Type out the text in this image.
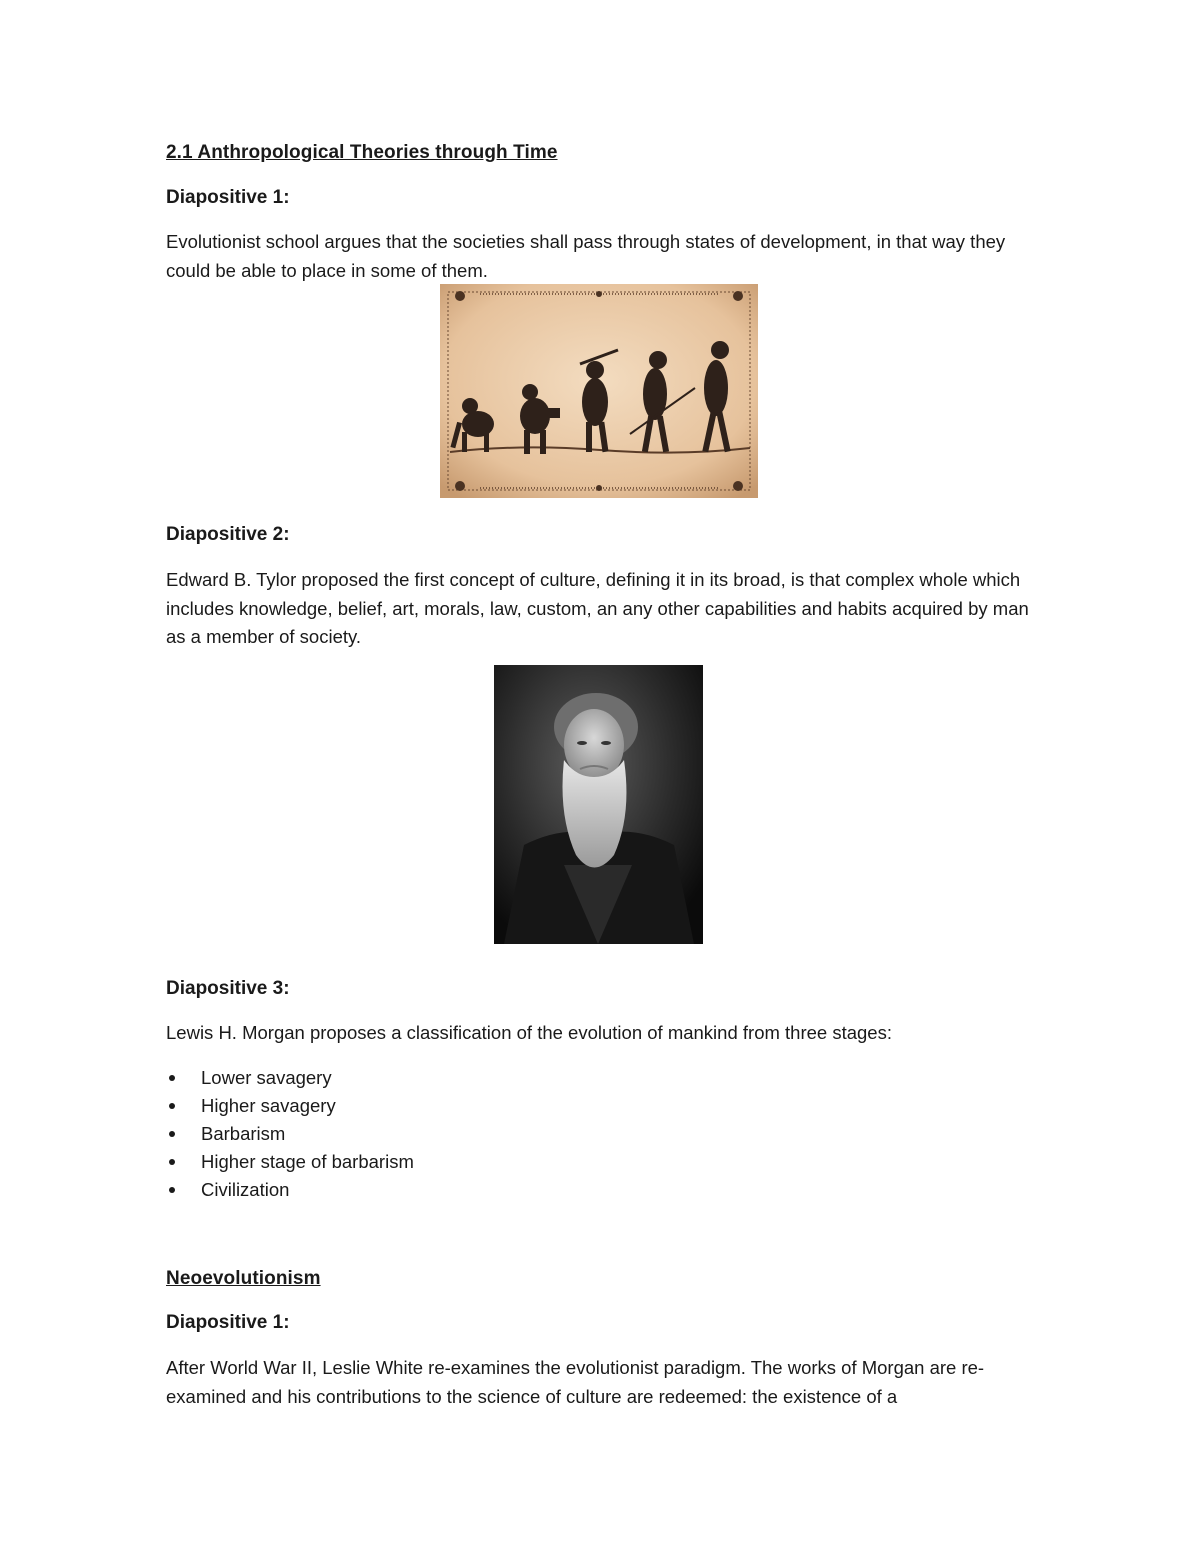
2.1 Anthropological Theories through Time
Diapositive 1:
Evolutionist school argues that the societies shall pass through states of development, in that way they could be able to place in some of them.
Diapositive 2:
Edward B. Tylor proposed the first concept of culture, defining it in its broad, is that complex whole which includes knowledge, belief, art, morals, law, custom, an any other capabilities and habits acquired by man as a member of society.
Diapositive 3:
Lewis H. Morgan proposes a classification of the evolution of mankind from three stages:
Lower savagery
Higher savagery
Barbarism
Higher stage of barbarism
Civilization
Neoevolutionism
Diapositive 1:
After World War II, Leslie White re-examines the evolutionist paradigm. The works of Morgan are re-examined and his contributions to the science of culture are redeemed: the existence of a
